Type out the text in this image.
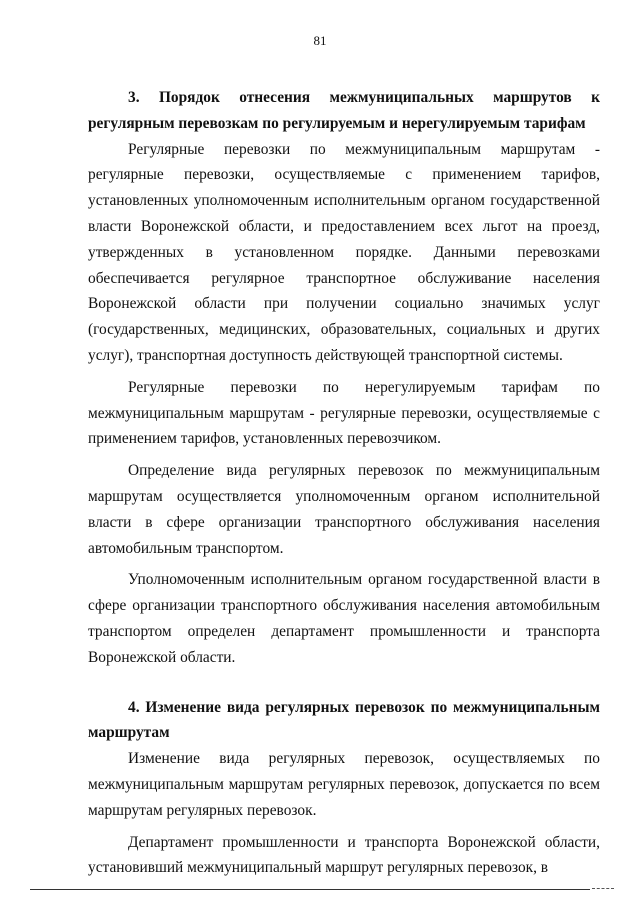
81
3. Порядок отнесения межмуниципальных маршрутов к регулярным перевозкам по регулируемым и нерегулируемым тарифам

Регулярные перевозки по межмуниципальным маршрутам - регулярные перевозки, осуществляемые с применением тарифов, установленных уполномоченным исполнительным органом государственной власти Воронежской области, и предоставлением всех льгот на проезд, утвержденных в установленном порядке. Данными перевозками обеспечивается регулярное транспортное обслуживание населения Воронежской области при получении социально значимых услуг (государственных, медицинских, образовательных, социальных и других услуг), транспортная доступность действующей транспортной системы.

Регулярные перевозки по нерегулируемым тарифам по межмуниципальным маршрутам - регулярные перевозки, осуществляемые с применением тарифов, установленных перевозчиком.

Определение вида регулярных перевозок по межмуниципальным маршрутам осуществляется уполномоченным органом исполнительной власти в сфере организации транспортного обслуживания населения автомобильным транспортом.

Уполномоченным исполнительным органом государственной власти в сфере организации транспортного обслуживания населения автомобильным транспортом определен департамент промышленности и транспорта Воронежской области.

4. Изменение вида регулярных перевозок по межмуниципальным маршрутам

Изменение вида регулярных перевозок, осуществляемых по межмуниципальным маршрутам регулярных перевозок, допускается по всем маршрутам регулярных перевозок.

Департамент промышленности и транспорта Воронежской области, установивший межмуниципальный маршрут регулярных перевозок, в
